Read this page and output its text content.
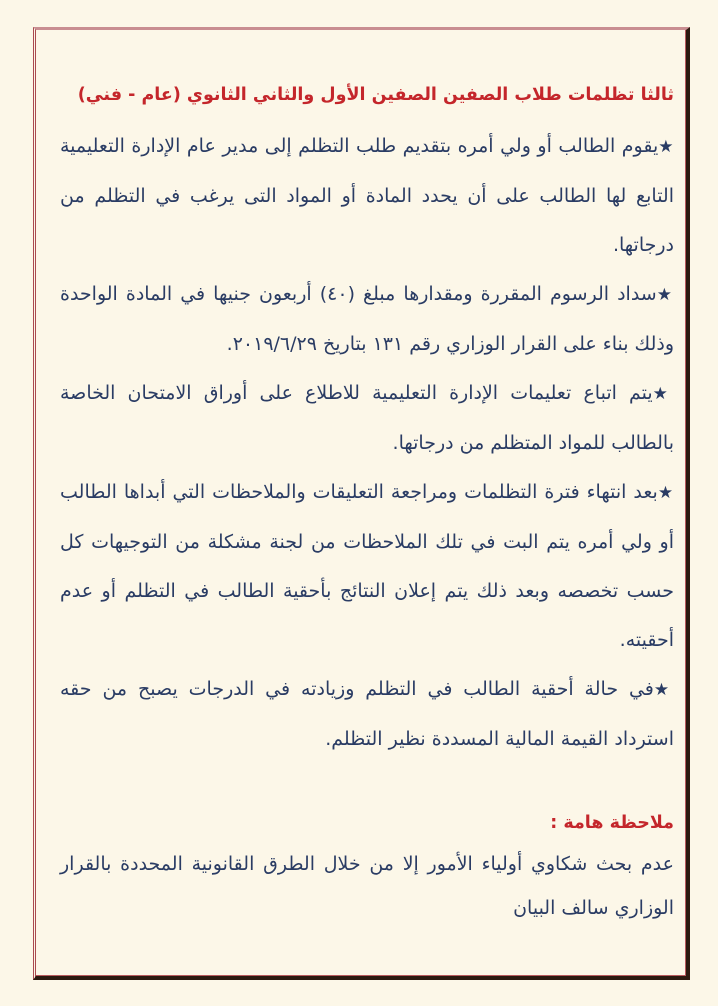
ثالثا تظلمات طلاب الصفين الصفين الأول والثاني الثانوي (عام - فني)

★يقوم الطالب أو ولي أمره بتقديم طلب التظلم إلى مدير عام الإدارة التعليمية التابع لها الطالب على أن يحدد المادة أو المواد التى يرغب في التظلم من درجاتها.

★سداد الرسوم المقررة ومقدارها مبلغ (٤٠) أربعون جنيها في المادة الواحدة وذلك بناء على القرار الوزاري رقم ١٣١ بتاريخ ٢٠١٩/٦/٢٩.

★يتم اتباع تعليمات الإدارة التعليمية للاطلاع على أوراق الامتحان الخاصة بالطالب للمواد المتظلم من درجاتها.

★بعد انتهاء فترة التظلمات ومراجعة التعليقات والملاحظات التي أبداها الطالب أو ولي أمره يتم البت في تلك الملاحظات من لجنة مشكلة من التوجيهات كل حسب تخصصه وبعد ذلك يتم إعلان النتائج بأحقية الطالب في التظلم أو عدم أحقيته.

★في حالة أحقية الطالب في التظلم وزيادته في الدرجات يصبح من حقه استرداد القيمة المالية المسددة نظير التظلم.

ملاحظة هامة :

عدم بحث شكاوي أولياء الأمور إلا من خلال الطرق القانونية المحددة بالقرار الوزاري سالف البيان
